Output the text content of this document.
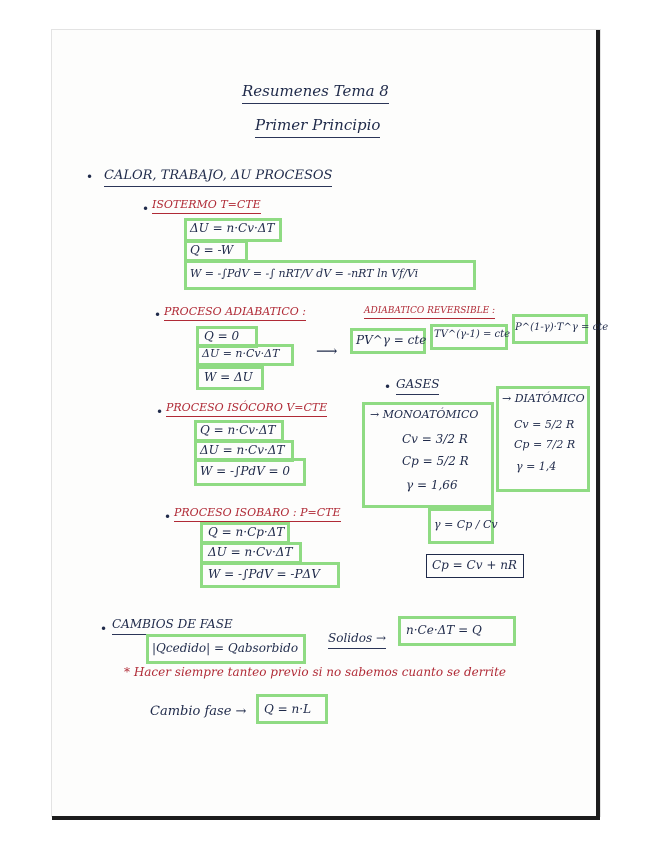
Resumenes Tema 8
Primer Principio
• CALOR, TRABAJO, ΔU PROCESOS
• ISOTERMO T=CTE
ΔU = n·Cv·ΔT
Q = -W
W = -∫PdV = -∫ nRT/V dV = -nRT ln Vf/Vi
• PROCESO ADIABATICO :
Q = 0
ΔU = n·Cv·ΔT
W = ΔU
⟶
ADIABATICO REVERSIBLE :
PV^γ = cte TV^(γ-1) = cte
P^(1-γ)·T^γ = cte
• PROCESO ISÓCORO V=CTE
Q = n·Cv·ΔT
ΔU = n·Cv·ΔT
W = -∫PdV = 0
• GASES
→ MONOATÓMICO
Cv = 3/2 R
Cp = 5/2 R
γ = 1,66
→ DIATÓMICO
Cv = 5/2 R
Cp = 7/2 R
γ = 1,4
γ = Cp / Cv
Cp = Cv + nR
• PROCESO ISOBARO : P=CTE
Q = n·Cp·ΔT
ΔU = n·Cv·ΔT
W = -∫PdV = -PΔV
• CAMBIOS DE FASE
|Qcedido| = Qabsorbido
Solidos →
n·Ce·ΔT = Q
* Hacer siempre tanteo previo si no sabemos cuanto se derrite
Cambio fase → Q = n·L
